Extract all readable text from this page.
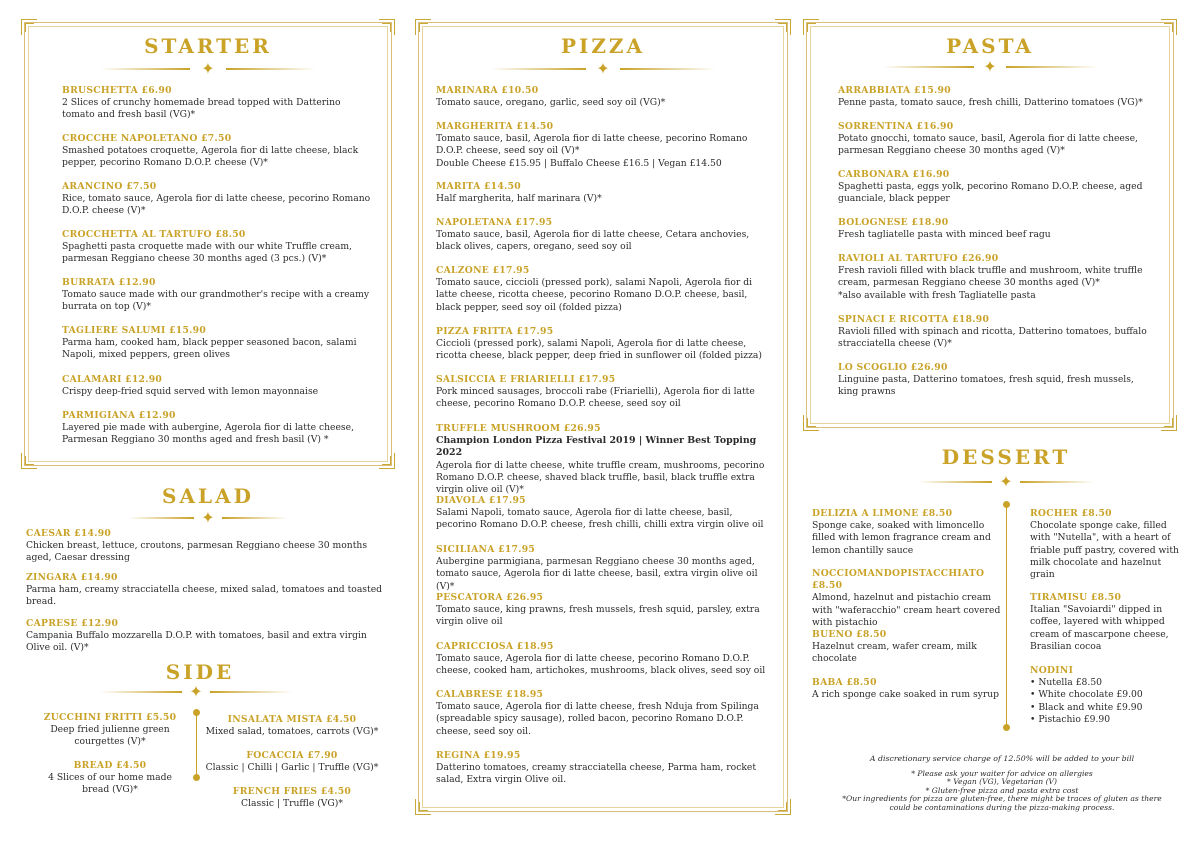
STARTER
✦
BRUSCHETTA £6.90
2 Slices of crunchy homemade bread topped with Datterino tomato and fresh basil (VG)*
CROCCHE NAPOLETANO £7.50
Smashed potatoes croquette, Agerola fior di latte cheese, black pepper, pecorino Romano D.O.P. cheese (V)*
ARANCINO £7.50
Rice, tomato sauce, Agerola fior di latte cheese, pecorino Romano D.O.P. cheese (V)*
CROCCHETTA AL TARTUFO £8.50
Spaghetti pasta croquette made with our white Truffle cream, parmesan Reggiano cheese 30 months aged (3 pcs.) (V)*
BURRATA £12.90
Tomato sauce made with our grandmother's recipe with a creamy burrata on top (V)*
TAGLIERE SALUMI £15.90
Parma ham, cooked ham, black pepper seasoned bacon, salami Napoli, mixed peppers, green olives
CALAMARI £12.90
Crispy deep-fried squid served with lemon mayonnaise
PARMIGIANA £12.90
Layered pie made with aubergine, Agerola fior di latte cheese, Parmesan Reggiano 30 months aged and fresh basil (V) *
SALAD
✦
CAESAR £14.90
Chicken breast, lettuce, croutons, parmesan Reggiano cheese 30 months aged, Caesar dressing
ZINGARA £14.90
Parma ham, creamy stracciatella cheese, mixed salad, tomatoes and toasted bread.
CAPRESE £12.90
Campania Buffalo mozzarella D.O.P. with tomatoes, basil and extra virgin Olive oil. (V)*
SIDE
✦
ZUCCHINI FRITTI £5.50
Deep fried julienne green courgettes (V)*
BREAD £4.50
4 Slices of our home made bread (VG)*
INSALATA MISTA £4.50
Mixed salad, tomatoes, carrots (VG)*
FOCACCIA £7.90
Classic | Chilli | Garlic | Truffle (VG)*
FRENCH FRIES £4.50
Classic | Truffle (VG)*
PIZZA
✦
MARINARA £10.50
Tomato sauce, oregano, garlic, seed soy oil (VG)*
MARGHERITA £14.50
Tomato sauce, basil, Agerola fior di latte cheese, pecorino Romano D.O.P. cheese, seed soy oil (V)*
Double Cheese £15.95 | Buffalo Cheese £16.5 | Vegan £14.50
MARITA £14.50
Half margherita, half marinara (V)*
NAPOLETANA £17.95
Tomato sauce, basil, Agerola fior di latte cheese, Cetara anchovies, black olives, capers, oregano, seed soy oil
CALZONE £17.95
Tomato sauce, ciccioli (pressed pork), salami Napoli, Agerola fior di latte cheese, ricotta cheese, pecorino Romano D.O.P. cheese, basil, black pepper, seed soy oil (folded pizza)
PIZZA FRITTA £17.95
Ciccioli (pressed pork), salami Napoli, Agerola fior di latte cheese, ricotta cheese, black pepper, deep fried in sunflower oil (folded pizza)
SALSICCIA E FRIARIELLI £17.95
Pork minced sausages, broccoli rabe (Friarielli), Agerola fior di latte cheese, pecorino Romano D.O.P. cheese, seed soy oil
TRUFFLE MUSHROOM £26.95
Champion London Pizza Festival 2019 | Winner Best Topping 2022
Agerola fior di latte cheese, white truffle cream, mushrooms, pecorino Romano D.O.P. cheese, shaved black truffle, basil, black truffle extra virgin olive oil (V)*
DIAVOLA £17.95
Salami Napoli, tomato sauce, Agerola fior di latte cheese, basil, pecorino Romano D.O.P. cheese, fresh chilli, chilli extra virgin olive oil
SICILIANA £17.95
Aubergine parmigiana, parmesan Reggiano cheese 30 months aged, tomato sauce, Agerola fior di latte cheese, basil, extra virgin olive oil (V)*
PESCATORA £26.95
Tomato sauce, king prawns, fresh mussels, fresh squid, parsley, extra virgin olive oil
CAPRICCIOSA £18.95
Tomato sauce, Agerola fior di latte cheese, pecorino Romano D.O.P. cheese, cooked ham, artichokes, mushrooms, black olives, seed soy oil
CALABRESE £18.95
Tomato sauce, Agerola fior di latte cheese, fresh Nduja from Spilinga (spreadable spicy sausage), rolled bacon, pecorino Romano D.O.P. cheese, seed soy oil.
REGINA £19.95
Datterino tomatoes, creamy stracciatella cheese, Parma ham, rocket salad, Extra virgin Olive oil.
PASTA
✦
ARRABBIATA £15.90
Penne pasta, tomato sauce, fresh chilli, Datterino tomatoes (VG)*
SORRENTINA £16.90
Potato gnocchi, tomato sauce, basil, Agerola fior di latte cheese, parmesan Reggiano cheese 30 months aged (V)*
CARBONARA £16.90
Spaghetti pasta, eggs yolk, pecorino Romano D.O.P. cheese, aged guanciale, black pepper
BOLOGNESE £18.90
Fresh tagliatelle pasta with minced beef ragu
RAVIOLI AL TARTUFO £26.90
Fresh ravioli filled with black truffle and mushroom, white truffle cream, parmesan Reggiano cheese 30 months aged (V)*
*also available with fresh Tagliatelle pasta
SPINACI E RICOTTA £18.90
Ravioli filled with spinach and ricotta, Datterino tomatoes, buffalo stracciatella cheese (V)*
LO SCOGLIO £26.90
Linguine pasta, Datterino tomatoes, fresh squid, fresh mussels, king prawns
DESSERT
✦
DELIZIA A LIMONE £8.50
Sponge cake, soaked with limoncello filled with lemon fragrance cream and lemon chantilly sauce
NOCCIOMANDOPISTACCHIATO £8.50
Almond, hazelnut and pistachio cream with "waferacchio" cream heart covered with pistachio
BUENO £8.50
Hazelnut cream, wafer cream, milk chocolate
BABA £8.50
A rich sponge cake soaked in rum syrup
ROCHER £8.50
Chocolate sponge cake, filled with "Nutella", with a heart of friable puff pastry, covered with milk chocolate and hazelnut grain
TIRAMISU £8.50
Italian "Savoiardi" dipped in coffee, layered with whipped cream of mascarpone cheese, Brasilian cocoa
NODINI
• Nutella £8.50
• White chocolate £9.00
• Black and white £9.90
• Pistachio £9.90
A discretionary service charge of 12.50% will be added to your bill
* Please ask your waiter for advice on allergies
* Vegan (VG), Vegetarian (V)
* Gluten-free pizza and pasta extra cost
*Our ingredients for pizza are gluten-free, there might be traces of gluten as there could be contaminations during the pizza-making process.
